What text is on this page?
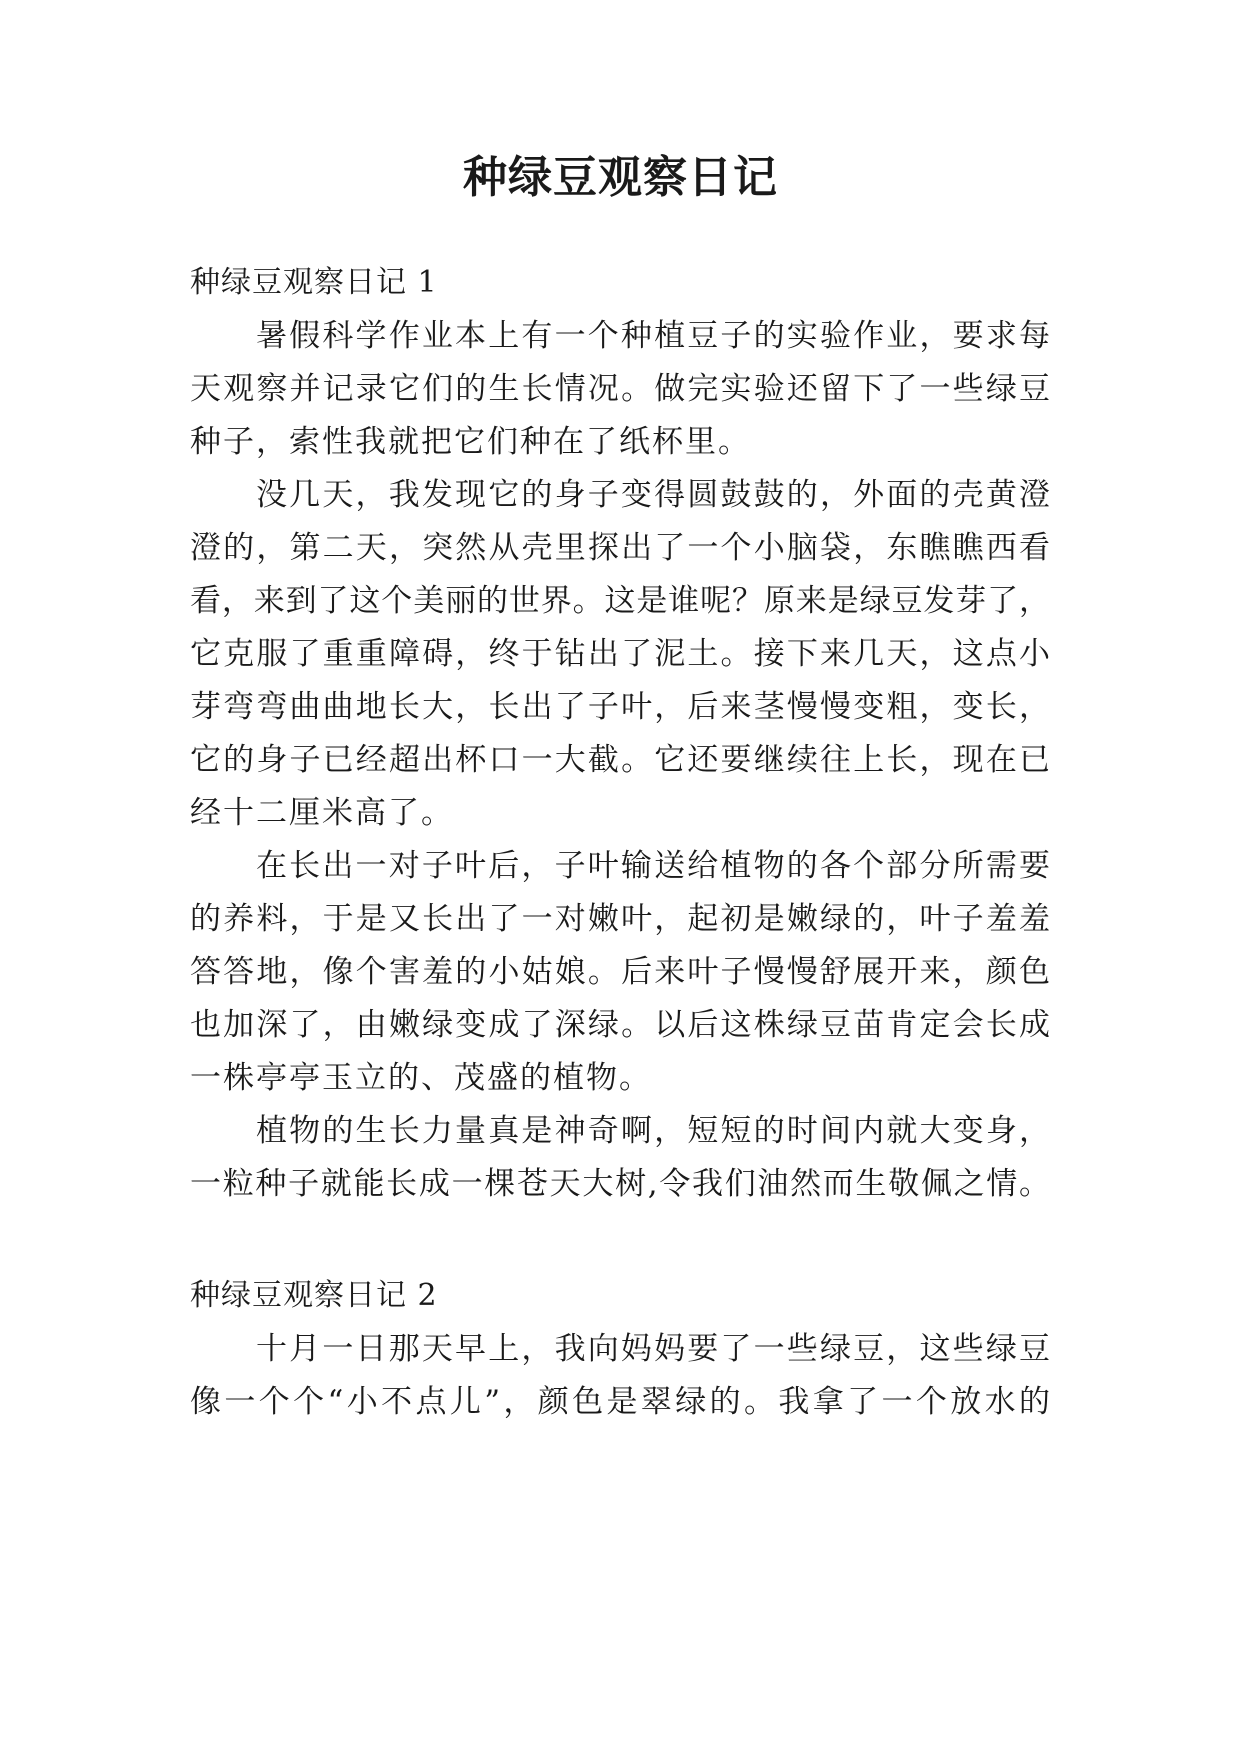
种绿豆观察日记
种绿豆观察日记 1

暑假科学作业本上有一个种植豆子的实验作业，要求每

天观察并记录它们的生长情况。做完实验还留下了一些绿豆

种子，索性我就把它们种在了纸杯里。

没几天，我发现它的身子变得圆鼓鼓的，外面的壳黄澄

澄的，第二天，突然从壳里探出了一个小脑袋，东瞧瞧西看

看，来到了这个美丽的世界。这是谁呢？原来是绿豆发芽了，

它克服了重重障碍，终于钻出了泥土。接下来几天，这点小

芽弯弯曲曲地长大，长出了子叶，后来茎慢慢变粗，变长，

它的身子已经超出杯口一大截。它还要继续往上长，现在已

经十二厘米高了。

在长出一对子叶后，子叶输送给植物的各个部分所需要

的养料，于是又长出了一对嫩叶，起初是嫩绿的，叶子羞羞

答答地，像个害羞的小姑娘。后来叶子慢慢舒展开来，颜色

也加深了，由嫩绿变成了深绿。以后这株绿豆苗肯定会长成

一株亭亭玉立的、茂盛的植物。

植物的生长力量真是神奇啊，短短的时间内就大变身，

一粒种子就能长成一棵苍天大树,令我们油然而生敬佩之情。

种绿豆观察日记 2

十月一日那天早上，我向妈妈要了一些绿豆，这些绿豆

像一个个“小不点儿”，颜色是翠绿的。我拿了一个放水的
